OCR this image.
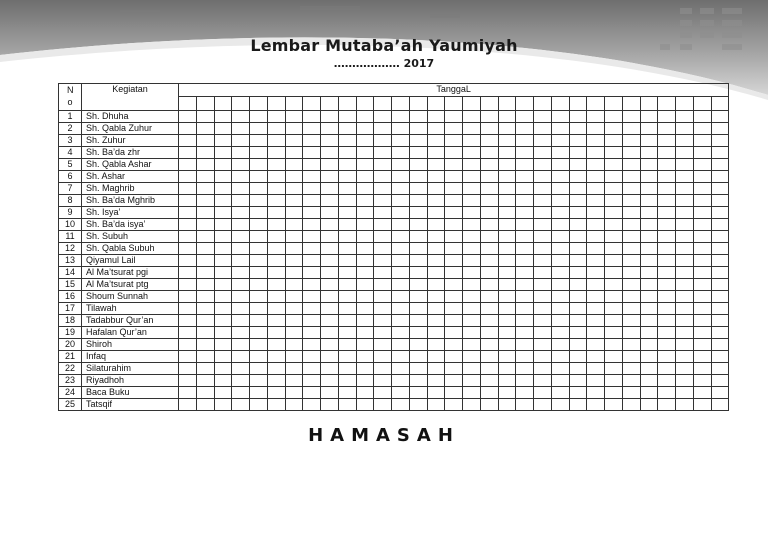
Lembar Mutaba’ah Yaumiyah
……………… 2017
No	Kegiatan	TanggaL																														

1	Sh. Dhuha																															
2	Sh. Qabla Zuhur																															
3	Sh. Zuhur																															
4	Sh. Ba’da zhr																															
5	Sh. Qabla Ashar																															
6	Sh. Ashar																															
7	Sh. Maghrib																															
8	Sh. Ba’da Mghrib																															
9	Sh. Isya’																															
10	Sh. Ba’da isya’																															
11	Sh. Subuh																															
12	Sh. Qabla Subuh																															
13	Qiyamul Lail																															
14	Al Ma’tsurat pgi																															
15	Al Ma’tsurat ptg																															
16	Shoum Sunnah																															
17	Tilawah																															
18	Tadabbur Qur’an																															
19	Hafalan Qur’an																															
20	Shiroh																															
21	Infaq																															
22	Silaturahim																															
23	Riyadhoh																															
24	Baca Buku																															
25	Tatsqif																															
HAMASAH
